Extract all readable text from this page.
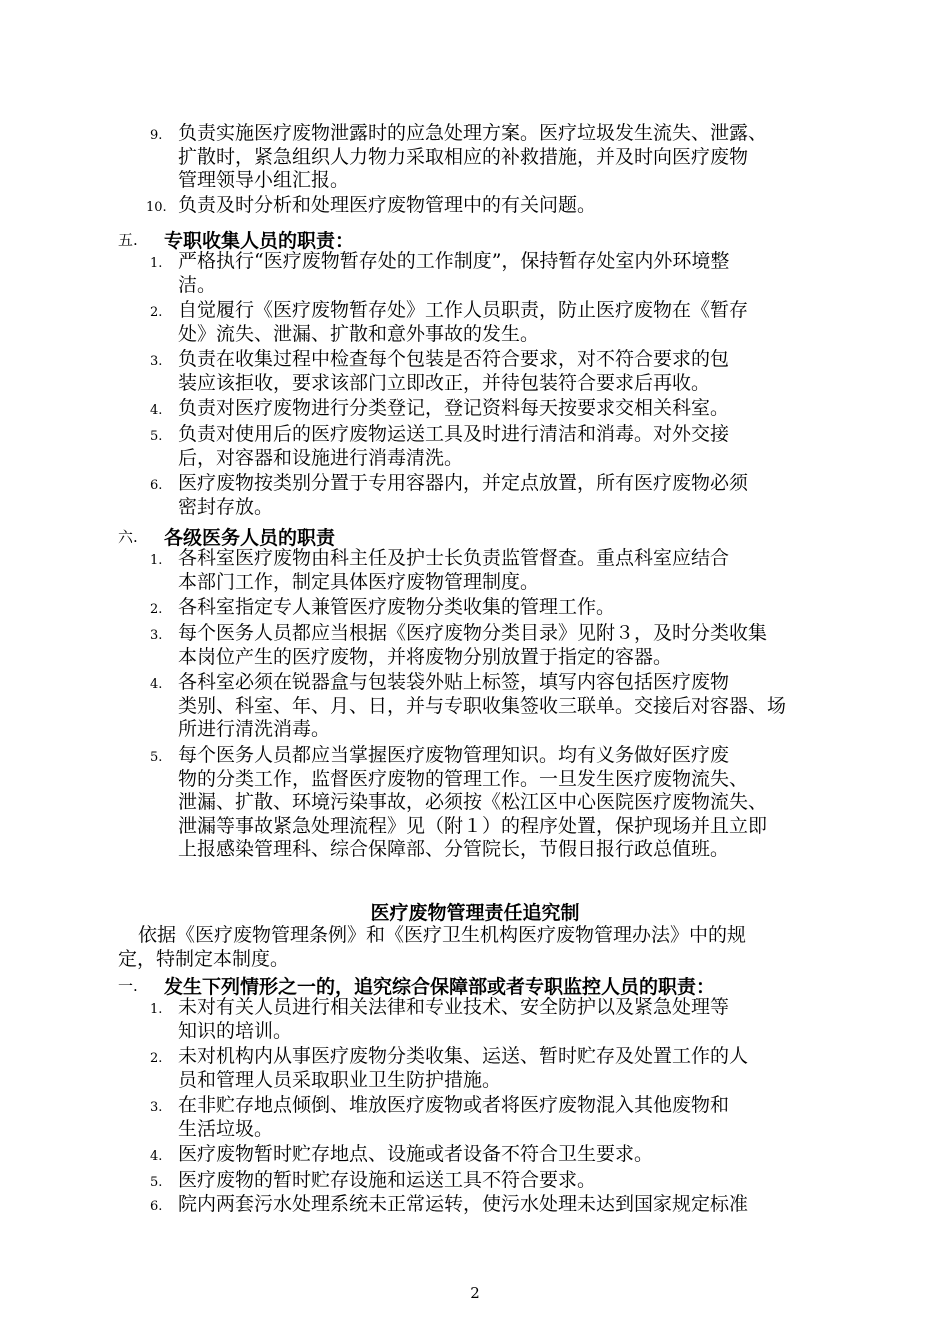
9. 负责实施医疗废物泄露时的应急处理方案。医疗垃圾发生流失、泄露、
扩散时，紧急组织人力物力采取相应的补救措施，并及时向医疗废物
管理领导小组汇报。
10. 负责及时分析和处理医疗废物管理中的有关问题。
五. 专职收集人员的职责：
1. 严格执行“医疗废物暂存处的工作制度”，保持暂存处室内外环境整
洁。
2. 自觉履行《医疗废物暂存处》工作人员职责，防止医疗废物在《暂存
处》流失、泄漏、扩散和意外事故的发生。
3. 负责在收集过程中检查每个包装是否符合要求，对不符合要求的包
装应该拒收，要求该部门立即改正，并待包装符合要求后再收。
4. 负责对医疗废物进行分类登记，登记资料每天按要求交相关科室。
5. 负责对使用后的医疗废物运送工具及时进行清洁和消毒。对外交接
后，对容器和设施进行消毒清洗。
6. 医疗废物按类别分置于专用容器内，并定点放置，所有医疗废物必须
密封存放。
六. 各级医务人员的职责
1. 各科室医疗废物由科主任及护士长负责监管督查。重点科室应结合
本部门工作，制定具体医疗废物管理制度。
2. 各科室指定专人兼管医疗废物分类收集的管理工作。
3. 每个医务人员都应当根据《医疗废物分类目录》见附３，及时分类收集
本岗位产生的医疗废物，并将废物分别放置于指定的容器。
4. 各科室必须在锐器盒与包装袋外贴上标签，填写内容包括医疗废物
类别、科室、年、月、日，并与专职收集签收三联单。交接后对容器、场
所进行清洗消毒。
5. 每个医务人员都应当掌握医疗废物管理知识。均有义务做好医疗废
物的分类工作，监督医疗废物的管理工作。一旦发生医疗废物流失、
泄漏、扩散、环境污染事故，必须按《松江区中心医院医疗废物流失、
泄漏等事故紧急处理流程》见（附１）的程序处置，保护现场并且立即
上报感染管理科、综合保障部、分管院长，节假日报行政总值班。
医疗废物管理责任追究制
依据《医疗废物管理条例》和《医疗卫生机构医疗废物管理办法》中的规
定，特制定本制度。
一. 发生下列情形之一的，追究综合保障部或者专职监控人员的职责：
1. 未对有关人员进行相关法律和专业技术、安全防护以及紧急处理等
知识的培训。
2. 未对机构内从事医疗废物分类收集、运送、暂时贮存及处置工作的人
员和管理人员采取职业卫生防护措施。
3. 在非贮存地点倾倒、堆放医疗废物或者将医疗废物混入其他废物和
生活垃圾。
4. 医疗废物暂时贮存地点、设施或者设备不符合卫生要求。
5. 医疗废物的暂时贮存设施和运送工具不符合要求。
6. 院内两套污水处理系统未正常运转，使污水处理未达到国家规定标准
2
